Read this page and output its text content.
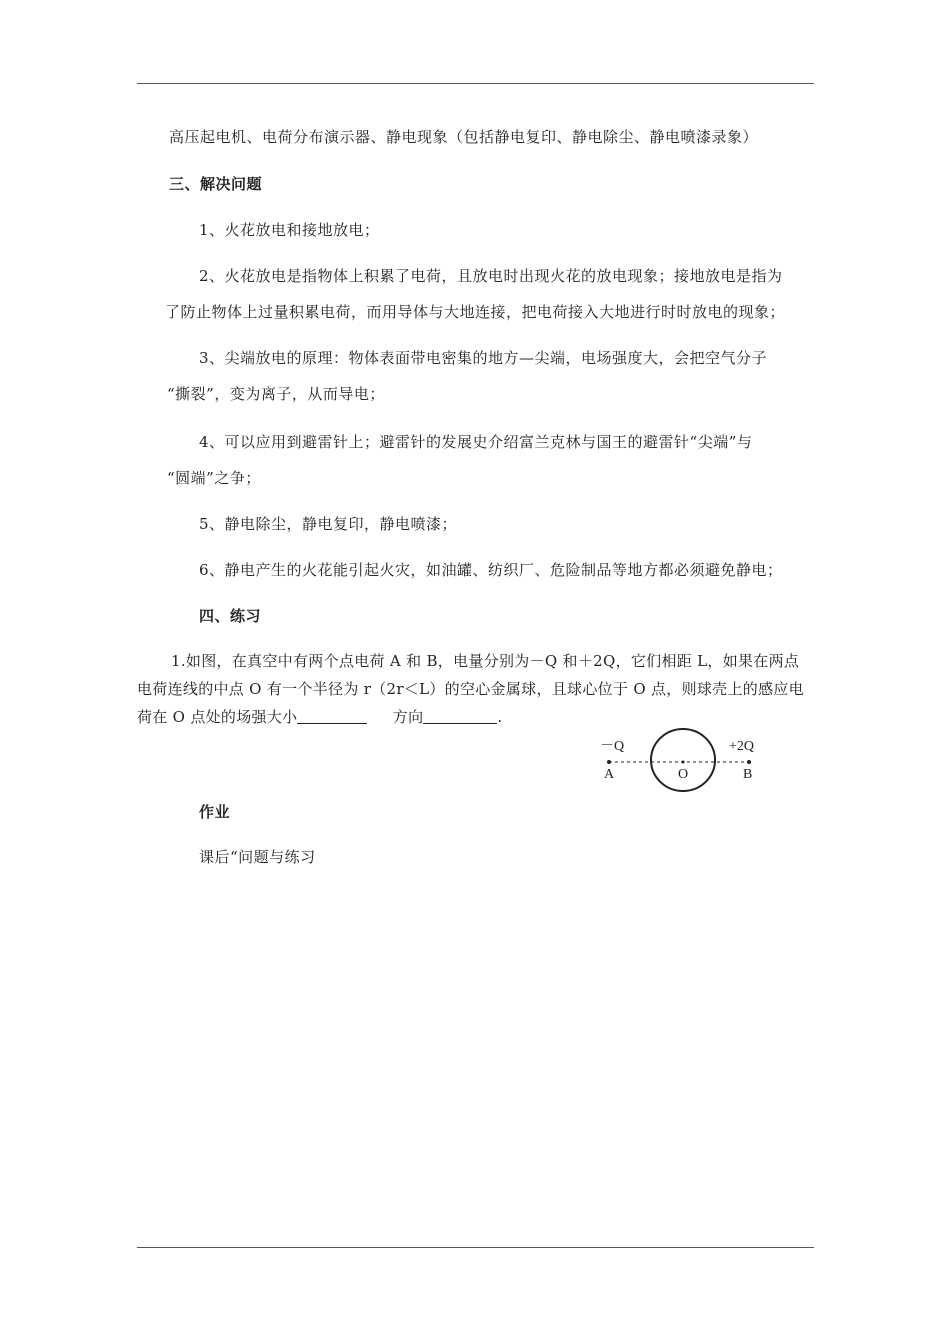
高压起电机、电荷分布演示器、静电现象（包括静电复印、静电除尘、静电喷漆录象）
三、解决问题
1、火花放电和接地放电；
2、火花放电是指物体上积累了电荷，且放电时出现火花的放电现象；接地放电是指为
了防止物体上过量积累电荷，而用导体与大地连接，把电荷接入大地进行时时放电的现象；
3、尖端放电的原理：物体表面带电密集的地方—尖端，电场强度大，会把空气分子
“撕裂”，变为离子，从而导电；
4、可以应用到避雷针上；避雷针的发展史介绍富兰克林与国王的避雷针“尖端”与
“圆端”之争；
5、静电除尘，静电复印，静电喷漆；
6、静电产生的火花能引起火灾，如油罐、纺织厂、危险制品等地方都必须避免静电；
四、练习
1.如图，在真空中有两个点电荷 A 和 B，电量分别为－Q 和＋2Q，它们相距 L，如果在两点
电荷连线的中点 O 有一个半径为 r（2r＜L）的空心金属球，且球心位于 O 点，则球壳上的感应电
荷在 O 点处的场强大小	方向	.
－Q	+2Q
A	O	B
作业
课后“问题与练习
